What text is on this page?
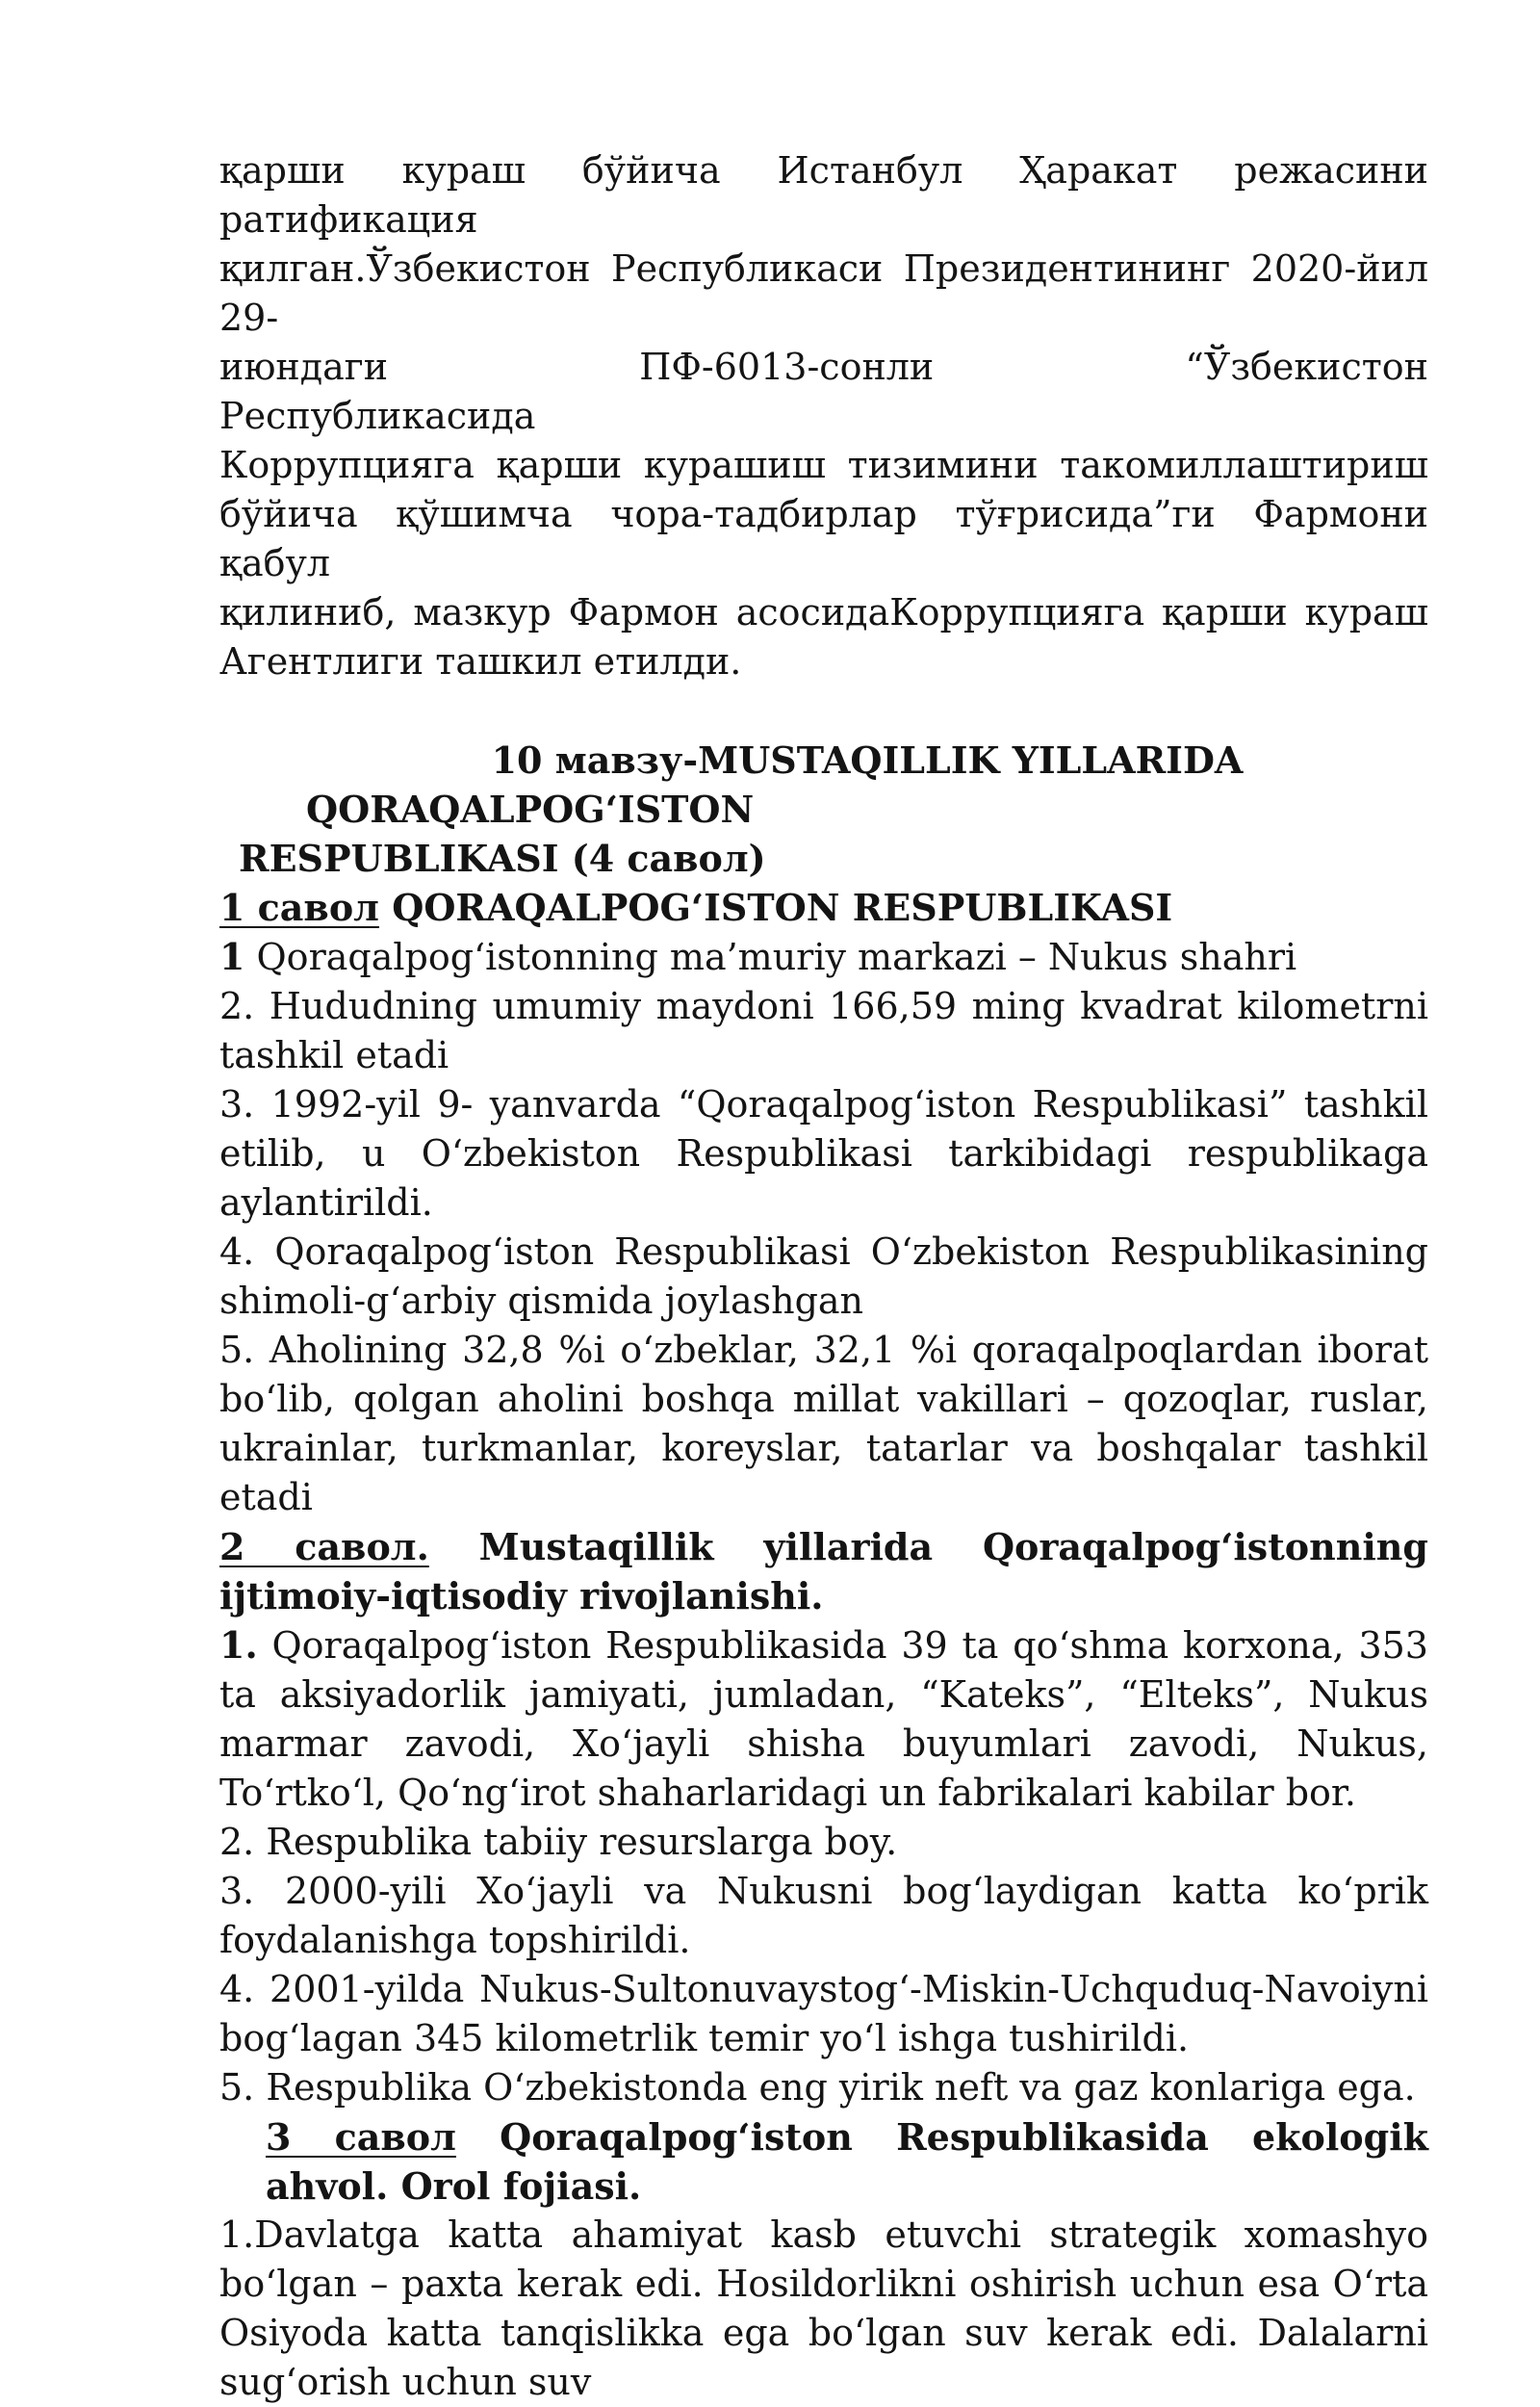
қарши кураш бўйича Истанбул Ҳаракат режасини ратификация

қилган.Ўзбекистон Республикаси Президентининг 2020-йил 29-

июндаги ПФ-6013-сонли “Ўзбекистон Республикасида

Коррупцияга қарши курашиш тизимини такомиллаштириш

бўйича қўшимча чора-тадбирлар тўғрисида”ги Фармони қабул

қилиниб, мазкур Фармон асосидаКоррупцияга қарши кураш

Агентлиги ташкил етилди.

10 мавзу-MUSTAQILLIK YILLARIDA QORAQALPOG‘ISTON

RESPUBLIKASI (4 савол)

1 савол QORAQALPOG‘ISTON RESPUBLIKASI

1 Qoraqalpog‘istonning ma’muriy markazi – Nukus shahri

2. Hududning umumiy maydoni 166,59 ming kvadrat kilometrni tashkil etadi

3. 1992-yil 9- yanvarda “Qoraqalpog‘iston Respublikasi” tashkil etilib, u O‘zbekiston Respublikasi tarkibidagi respublikaga aylantirildi.

4. Qoraqalpog‘iston Respublikasi O‘zbekiston Respublikasining shimoli-g‘arbiy qismida joylashgan

5. Aholining 32,8 %i o‘zbeklar, 32,1 %i qoraqalpoqlardan iborat bo‘lib, qolgan aholini boshqa millat vakillari – qozoqlar, ruslar, ukrainlar, turkmanlar, koreyslar, tatarlar va boshqalar tashkil etadi

2 савол. Mustaqillik yillarida Qoraqalpog‘istonning ijtimoiy-iqtisodiy rivojlanishi.

1. Qoraqalpog‘iston Respublikasida 39 ta qo‘shma korxona, 353 ta aksiyadorlik jamiyati, jumladan, “Kateks”, “Elteks”, Nukus marmar zavodi, Xo‘jayli shisha buyumlari zavodi, Nukus, To‘rtko‘l, Qo‘ng‘irot shaharlaridagi un fabrikalari kabilar bor.

2. Respublika tabiiy resurslarga boy.

3. 2000-yili Xo‘jayli va Nukusni bog‘laydigan katta ko‘prik foydalanishga topshirildi.

4. 2001-yilda Nukus-Sultonuvaystog‘-Miskin-Uchquduq-Navoiyni bog‘lagan 345 kilometrlik temir yo‘l ishga tushirildi.

5. Respublika O‘zbekistonda eng yirik neft va gaz konlariga ega.

3 савол Qoraqalpog‘iston Respublikasida ekologik ahvol. Orol fojiasi.

1.Davlatga katta ahamiyat kasb etuvchi strategik xomashyo bo‘lgan – paxta kerak edi. Hosildorlikni oshirish uchun esa O‘rta Osiyoda katta tanqislikka ega bo‘lgan suv kerak edi. Dalalarni sug‘orish uchun suv
